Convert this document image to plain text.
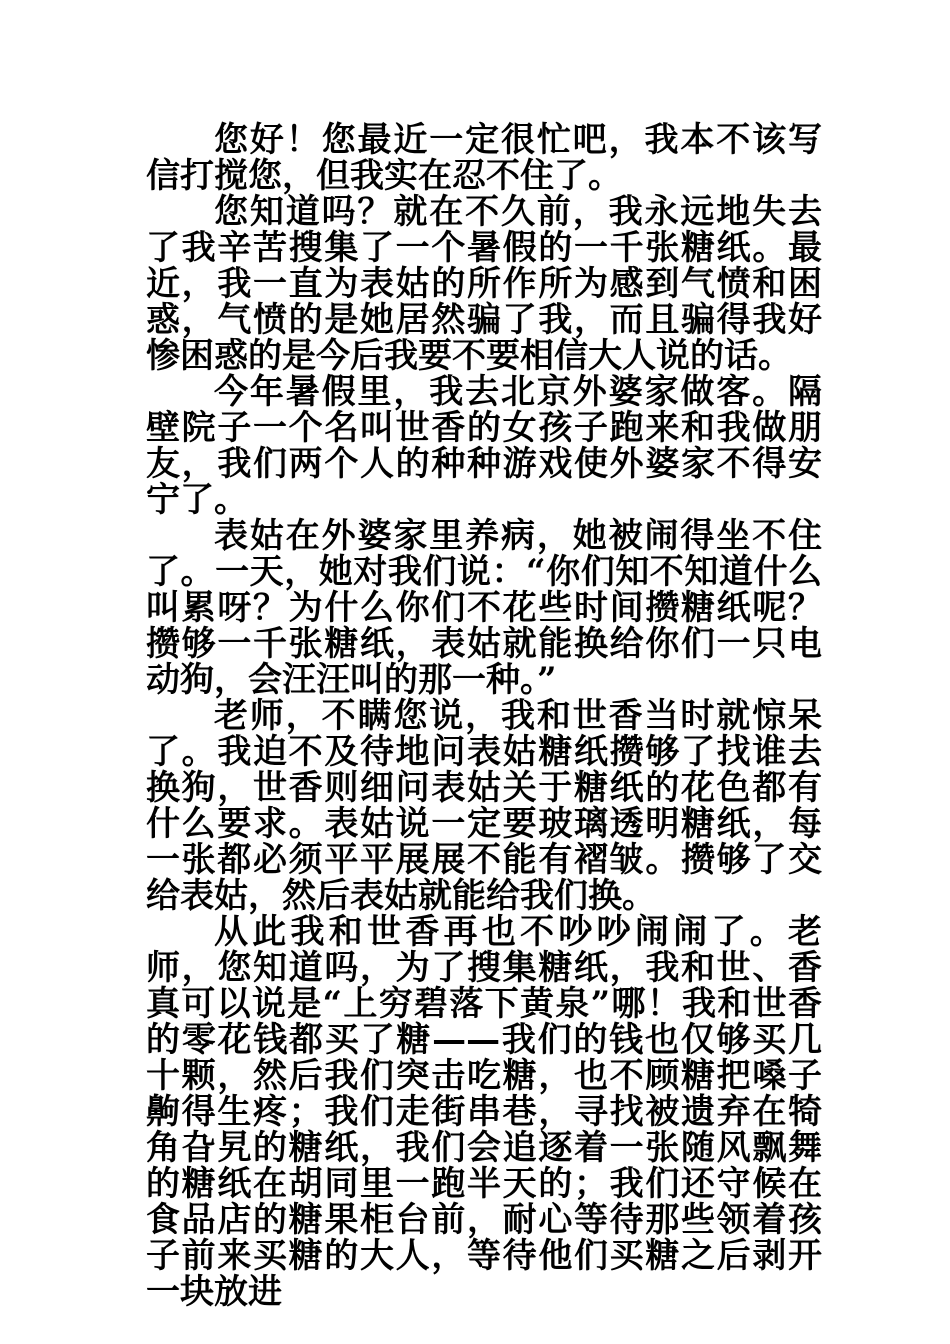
您好！您最近一定很忙吧，我本不该写信打搅您，但我实在忍不住了。

您知道吗？就在不久前，我永远地失去了我辛苦搜集了一个暑假的一千张糖纸。最近，我一直为表姑的所作所为感到气愤和困惑，气愤的是她居然骗了我，而且骗得我好惨困惑的是今后我要不要相信大人说的话。

今年暑假里，我去北京外婆家做客。隔壁院子一个名叫世香的女孩子跑来和我做朋友，我们两个人的种种游戏使外婆家不得安宁了。

表姑在外婆家里养病，她被闹得坐不住了。一天，她对我们说：“你们知不知道什么叫累呀？为什么你们不花些时间攒糖纸呢？攒够一千张糖纸，表姑就能换给你们一只电动狗，会汪汪叫的那一种。”

老师，不瞒您说，我和世香当时就惊呆了。我迫不及待地问表姑糖纸攒够了找谁去换狗，世香则细问表姑关于糖纸的花色都有什么要求。表姑说一定要玻璃透明糖纸，每一张都必须平平展展不能有褶皱。攒够了交给表姑，然后表姑就能给我们换。

从此我和世香再也不吵吵闹闹了。老师，您知道吗，为了搜集糖纸，我和世、香真可以说是“上穷碧落下黄泉”哪！我和世香的零花钱都买了糖——我们的钱也仅够买几十颗，然后我们突击吃糖，也不顾糖把嗓子齁得生疼；我们走街串巷，寻找被遗弃在犄角旮旯的糖纸，我们会追逐着一张随风飘舞的糖纸在胡同里一跑半天的；我们还守候在食品店的糖果柜台前，耐心等待那些领着孩子前来买糖的大人，等待他们买糖之后剥开一块放进
